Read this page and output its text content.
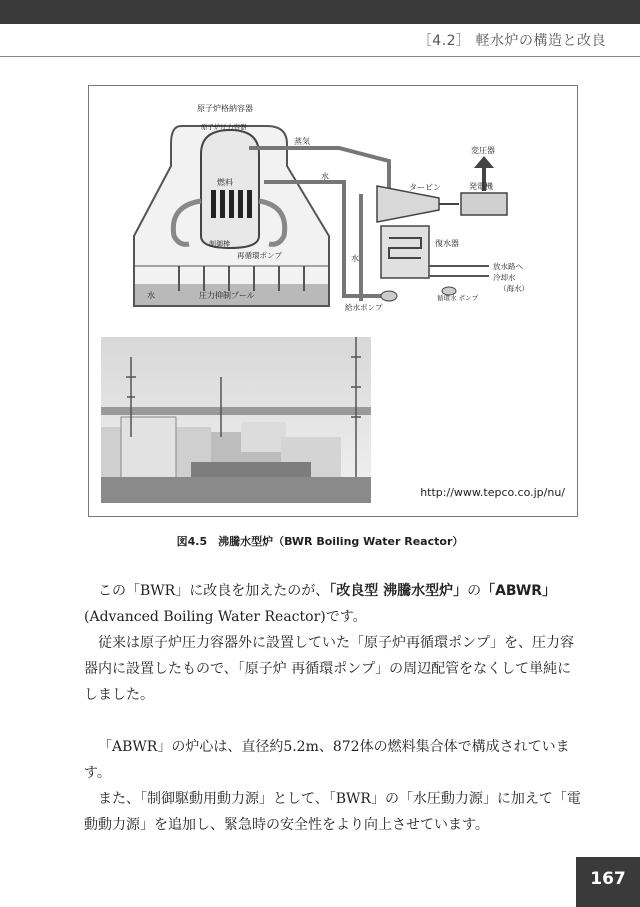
［4.2］ 軽水炉の構造と改良
原子炉格納容器
原子炉圧力容器
蒸気
水
燃料
制御棒
再循環ポンプ
水	圧力抑制プール
タービン
変圧器
発電機
水
復水器
放水路へ
冷却水
（海水）
循環水 ポンプ
給水ポンプ
http://www.tepco.co.jp/nu/
図4.5　沸騰水型炉（BWR Boiling Water Reactor）

この「BWR」に改良を加えたのが、「改良型 沸騰水型炉」の「ABWR」
(Advanced Boiling Water Reactor)です。

従来は原子炉圧力容器外に設置していた「原子炉再循環ポンプ」を、圧力容器内に設置したもので、「原子炉 再循環ポンプ」の周辺配管をなくして単純にしました。

「ABWR」の炉心は、直径約5.2m、872体の燃料集合体で構成されています。

また、「制御駆動用動力源」として、「BWR」の「水圧動力源」に加えて「電動動力源」を追加し、緊急時の安全性をより向上させています。

167
